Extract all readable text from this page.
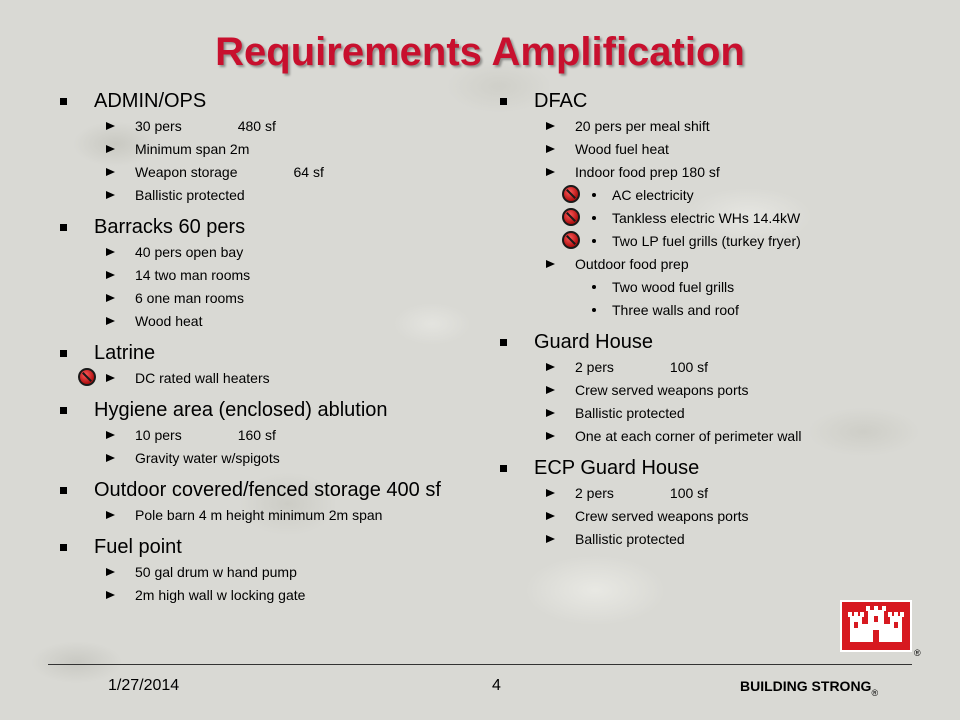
Requirements Amplification
ADMIN/OPS
30 pers	480 sf
Minimum span 2m
Weapon storage	64 sf
Ballistic protected
Barracks 60 pers
40 pers open bay
14 two man rooms
6 one man rooms
Wood heat
Latrine
DC rated wall heaters
Hygiene area (enclosed) ablution
10 pers	160 sf
Gravity water w/spigots
Outdoor covered/fenced storage 400 sf
Pole barn 4 m height minimum 2m span
Fuel point
50 gal drum w hand pump
2m high wall w locking gate
DFAC
20 pers per meal shift
Wood fuel heat
Indoor food prep 180 sf
AC electricity
Tankless electric WHs 14.4kW
Two LP fuel grills (turkey fryer)
Outdoor food prep
Two wood fuel grills
Three walls and roof
Guard House
2 pers	100 sf
Crew served weapons ports
Ballistic protected
One at each corner of perimeter wall
ECP Guard House
2 pers	100 sf
Crew served weapons ports
Ballistic protected
®
1/27/2014	4	BUILDING $STRONG_®$
